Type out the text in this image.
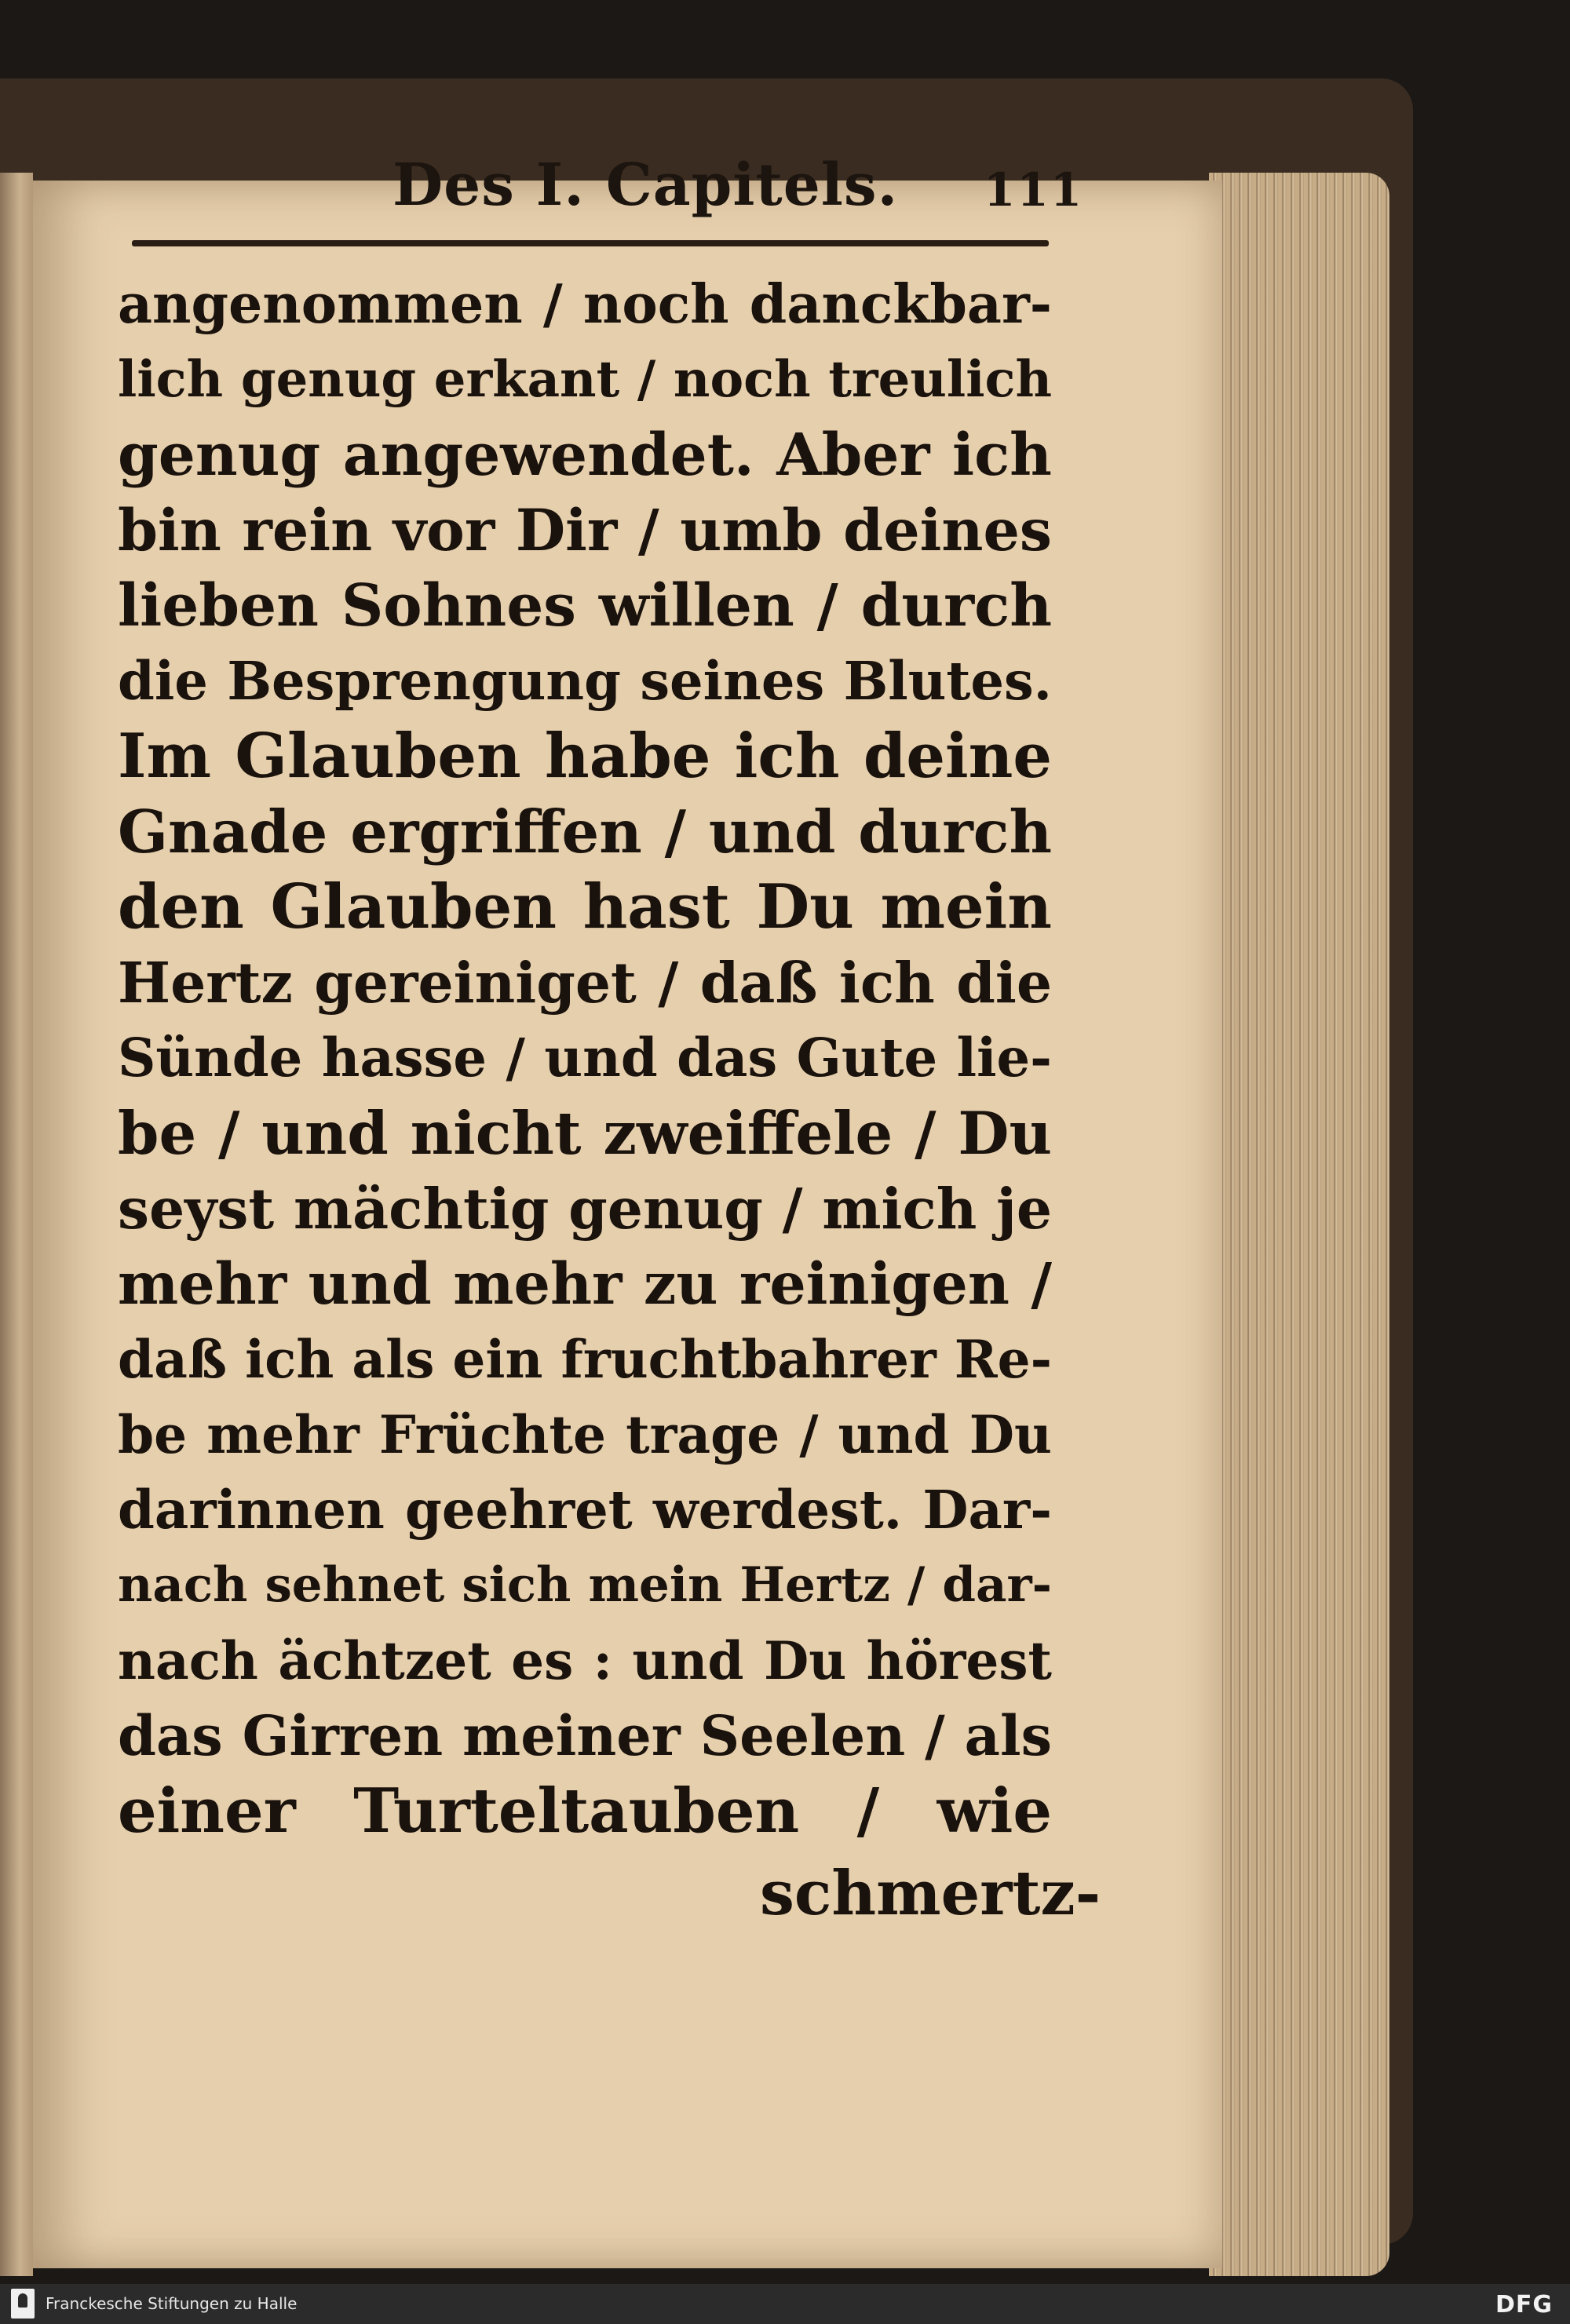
Des I. Capitels. 111
angenommen / noch danckbar-
lich genug erkant / noch treulich
genug angewendet. Aber ich
bin rein vor Dir / umb deines
lieben Sohnes willen / durch
die Besprengung seines Blutes.
Im Glauben habe ich deine
Gnade ergriffen / und durch
den Glauben hast Du mein
Hertz gereiniget / daß ich die
Sünde hasse / und das Gute lie-
be / und nicht zweiffele / Du
seyst mächtig genug / mich je
mehr und mehr zu reinigen /
daß ich als ein fruchtbahrer Re-
be mehr Früchte trage / und Du
darinnen geehret werdest. Dar-
nach sehnet sich mein Hertz / dar-
nach ächtzet es : und Du hörest
das Girren meiner Seelen / als
einer Turteltauben / wie
schmertz-
Franckesche Stiftungen zu Halle	DFG
